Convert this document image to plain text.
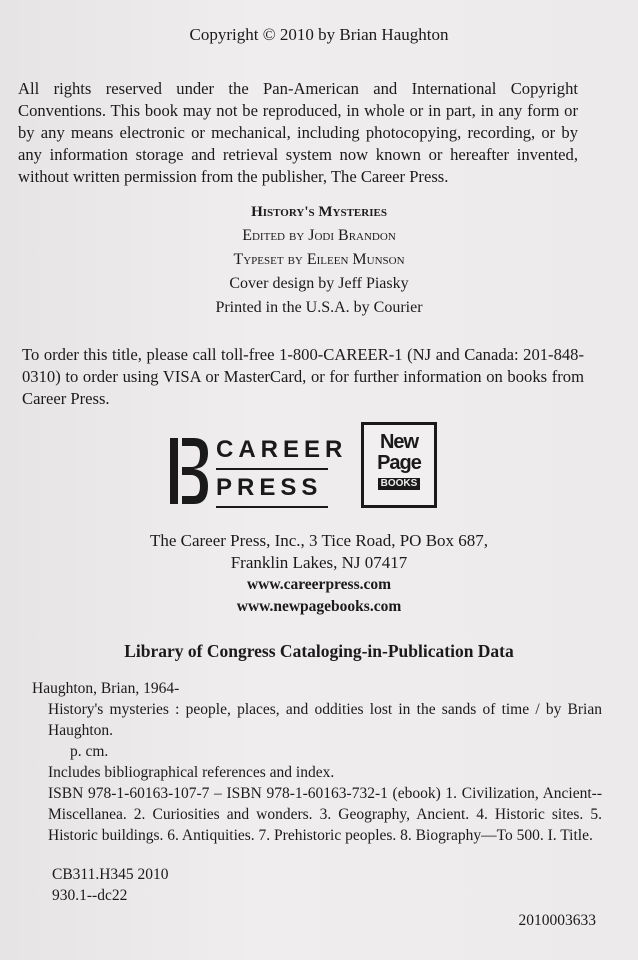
Copyright © 2010 by Brian Haughton
All rights reserved under the Pan-American and International Copyright Conventions. This book may not be reproduced, in whole or in part, in any form or by any means electronic or mechanical, including photocopying, recording, or by any information storage and retrieval system now known or hereafter invented, without written permission from the publisher, The Career Press.
History's Mysteries
Edited by Jodi Brandon
Typeset by Eileen Munson
Cover design by Jeff Piasky
Printed in the U.S.A. by Courier
To order this title, please call toll-free 1-800-CAREER-1 (NJ and Canada: 201-848-0310) to order using VISA or MasterCard, or for further information on books from Career Press.
CAREER
PRESS
New
Page
BOOKS
The Career Press, Inc., 3 Tice Road, PO Box 687,
Franklin Lakes, NJ 07417
www.careerpress.com
www.newpagebooks.com
Library of Congress Cataloging-in-Publication Data

Haughton, Brian, 1964-

History's mysteries : people, places, and oddities lost in the sands of time / by Brian Haughton.

p. cm.

Includes bibliographical references and index.

ISBN 978-1-60163-107-7 – ISBN 978-1-60163-732-1 (ebook) 1. Civilization, Ancient--Miscellanea. 2. Curiosities and wonders. 3. Geography, Ancient. 4. Historic sites. 5. Historic buildings. 6. Antiquities. 7. Prehistoric peoples. 8. Biography—To 500. I. Title.

CB311.H345 2010
930.1--dc22
2010003633
